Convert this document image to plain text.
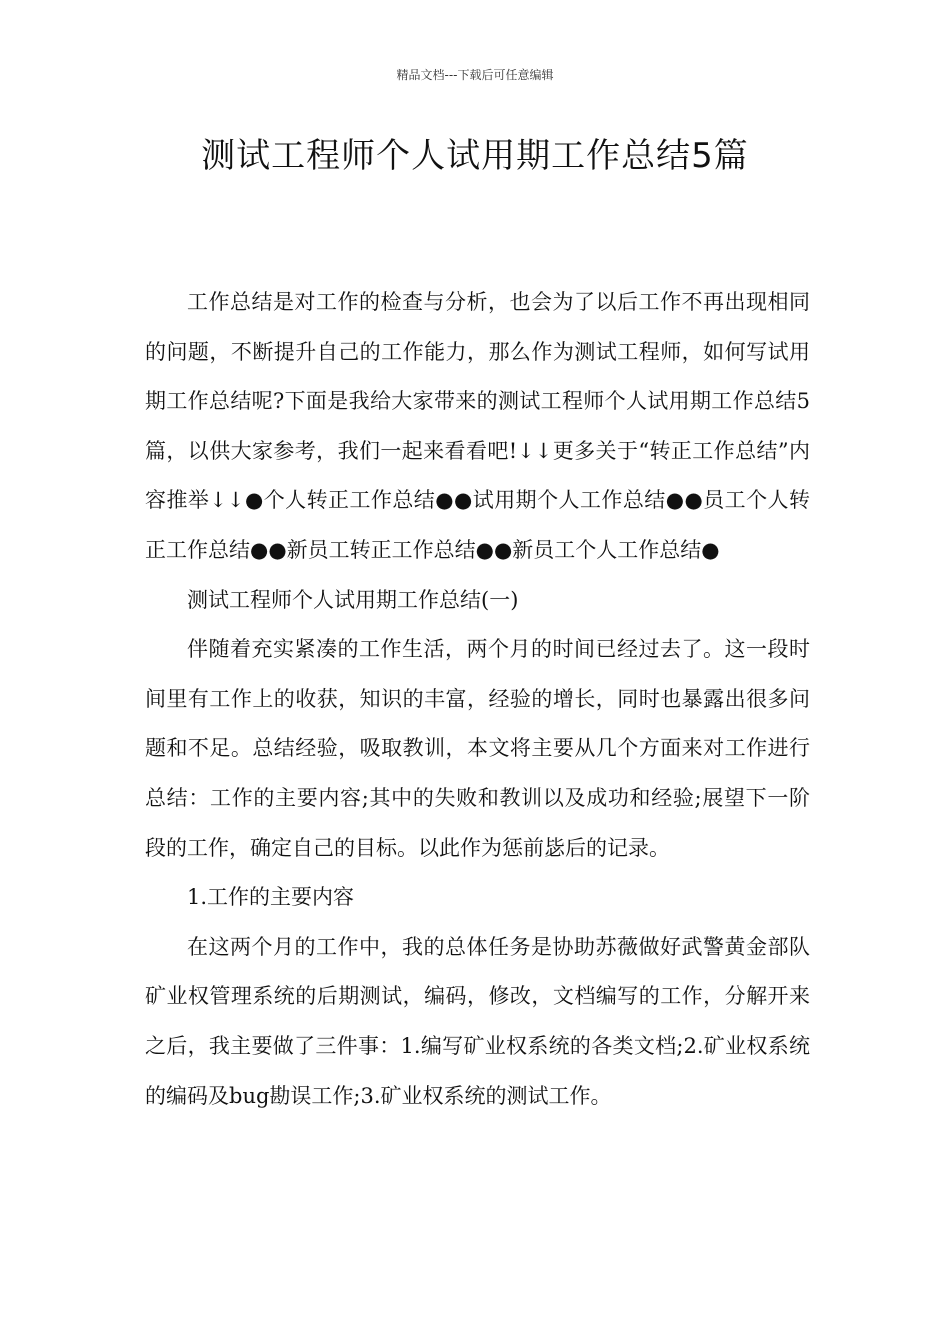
精品文档---下载后可任意编辑
测试工程师个人试用期工作总结5篇

工作总结是对工作的检查与分析，也会为了以后工作不再出现相同的问题，不断提升自己的工作能力，那么作为测试工程师，如何写试用期工作总结呢?下面是我给大家带来的测试工程师个人试用期工作总结5篇，以供大家参考，我们一起来看看吧!↓↓更多关于“转正工作总结”内容推举↓↓●个人转正工作总结●●试用期个人工作总结●●员工个人转正工作总结●●新员工转正工作总结●●新员工个人工作总结●

测试工程师个人试用期工作总结(一)

伴随着充实紧凑的工作生活，两个月的时间已经过去了。这一段时间里有工作上的收获，知识的丰富，经验的增长，同时也暴露出很多问题和不足。总结经验，吸取教训，本文将主要从几个方面来对工作进行总结：工作的主要内容;其中的失败和教训以及成功和经验;展望下一阶段的工作，确定自己的目标。以此作为惩前毖后的记录。

1.工作的主要内容

在这两个月的工作中，我的总体任务是协助苏薇做好武警黄金部队矿业权管理系统的后期测试，编码，修改，文档编写的工作，分解开来之后，我主要做了三件事：1.编写矿业权系统的各类文档;2.矿业权系统的编码及bug勘误工作;3.矿业权系统的测试工作。
